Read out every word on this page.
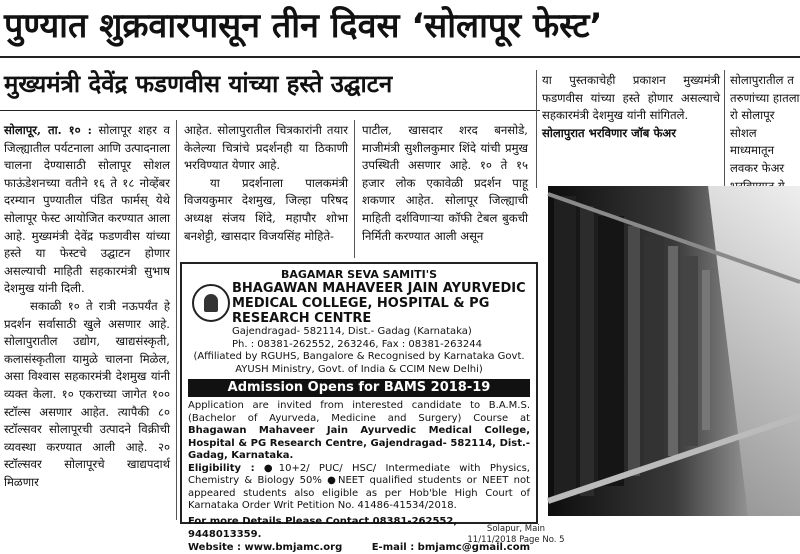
पुण्यात शुक्रवारपासून तीन दिवस ‘सोलापूर फेस्ट’
मुख्यमंत्री देवेंद्र फडणवीस यांच्या हस्ते उद्घाटन

सोलापूर, ता. १० : सोलापूर शहर व जिल्ह्यातील पर्यटनाला आणि उत्पादनाला चालना देण्यासाठी सोलापूर सोशल फाऊंडेशनच्या वतीने १६ ते १८ नोव्हेंबर दरम्यान पुण्यातील पंडित फार्मस् येथे सोलापूर फेस्ट आयोजित करण्यात आला आहे. मुख्यमंत्री देवेंद्र फडणवीस यांच्या हस्ते या फेस्टचे उद्घाटन होणार असल्याची माहिती सहकारमंत्री सुभाष देशमुख यांनी दिली.

सकाळी १० ते रात्री नऊपर्यंत हे प्रदर्शन सर्वासाठी खुले असणार आहे. सोलापुरातील उद्योग, खाद्यसंस्कृती, कलासंस्कृतीला यामुळे चालना मिळेल, असा विश्वास सहकारमंत्री देशमुख यांनी व्यक्त केला. १० एकराच्या जागेत १०० स्टॉल्स असणार आहेत. त्यापैकी ८० स्टॉल्सवर सोलापूरची उत्पादने विक्रीची व्यवस्था करण्यात आली आहे. २० स्टॉल्सवर सोलापूरचे खाद्यपदार्थ मिळणार

आहेत. सोलापुरातील चित्रकारांनी तयार केलेल्या चित्रांचे प्रदर्शनही या ठिकाणी भरविण्यात येणार आहे.

या प्रदर्शनाला पालकमंत्री विजयकुमार देशमुख, जिल्हा परिषद अध्यक्ष संजय शिंदे, महापौर शोभा बनशेट्टी, खासदार विजयसिंह मोहिते-

पाटील, खासदार शरद बनसोडे, माजीमंत्री सुशीलकुमार शिंदे यांची प्रमुख उपस्थिती असणार आहे. १० ते १५ हजार लोक एकावेळी प्रदर्शन पाहू शकणार आहेत. सोलापूर जिल्ह्याची माहिती दर्शविणाऱ्या कॉफी टेबल बुकची निर्मिती करण्यात आली असून

या पुस्तकाचेही प्रकाशन मुख्यमंत्री फडणवीस यांच्या हस्ते होणार असल्याचे सहकारमंत्री देशमुख यांनी सांगितले.

सोलापुरात भरविणार जॉब फेअर

सोलापुरातील त तरुणांच्या हातला रो सोलापूर सोशल माध्यमातून लवकर फेअर

BAGAMAR SEVA SAMITI'S
BHAGAWAN MAHAVEER JAIN AYURVEDIC MEDICAL COLLEGE, HOSPITAL & PG RESEARCH CENTRE
Gajendragad- 582114, Dist.- Gadag (Karnataka)
Ph. : 08381-262552, 263246, Fax : 08381-263244
(Affiliated by RGUHS, Bangalore & Recognised by Karnataka Govt. AYUSH Ministry, Govt. of India & CCIM New Delhi)
Admission Opens for BAMS 2018-19
Application are invited from interested candidate to B.A.M.S. (Bachelor of Ayurveda, Medicine and Surgery) Course at Bhagawan Mahaveer Jain Ayurvedic Medical College, Hospital & PG Research Centre, Gajendragad- 582114, Dist.- Gadag, Karnataka.
Eligibility : ●10+2/ PUC/ HSC/ Intermediate with Physics, Chemistry & Biology 50% ●NEET qualified students or NEET not appeared students also eligible as per Hob'ble High Court of Karnataka Order Writ Petition No. 41486-41534/2018.
For more Details Please Contact 08381-262552, 9448013359.
Website : www.bmjamc.org	E-mail : bmjamc@gmail.com
Solapur, Main
11/11/2018 Page No. 5
